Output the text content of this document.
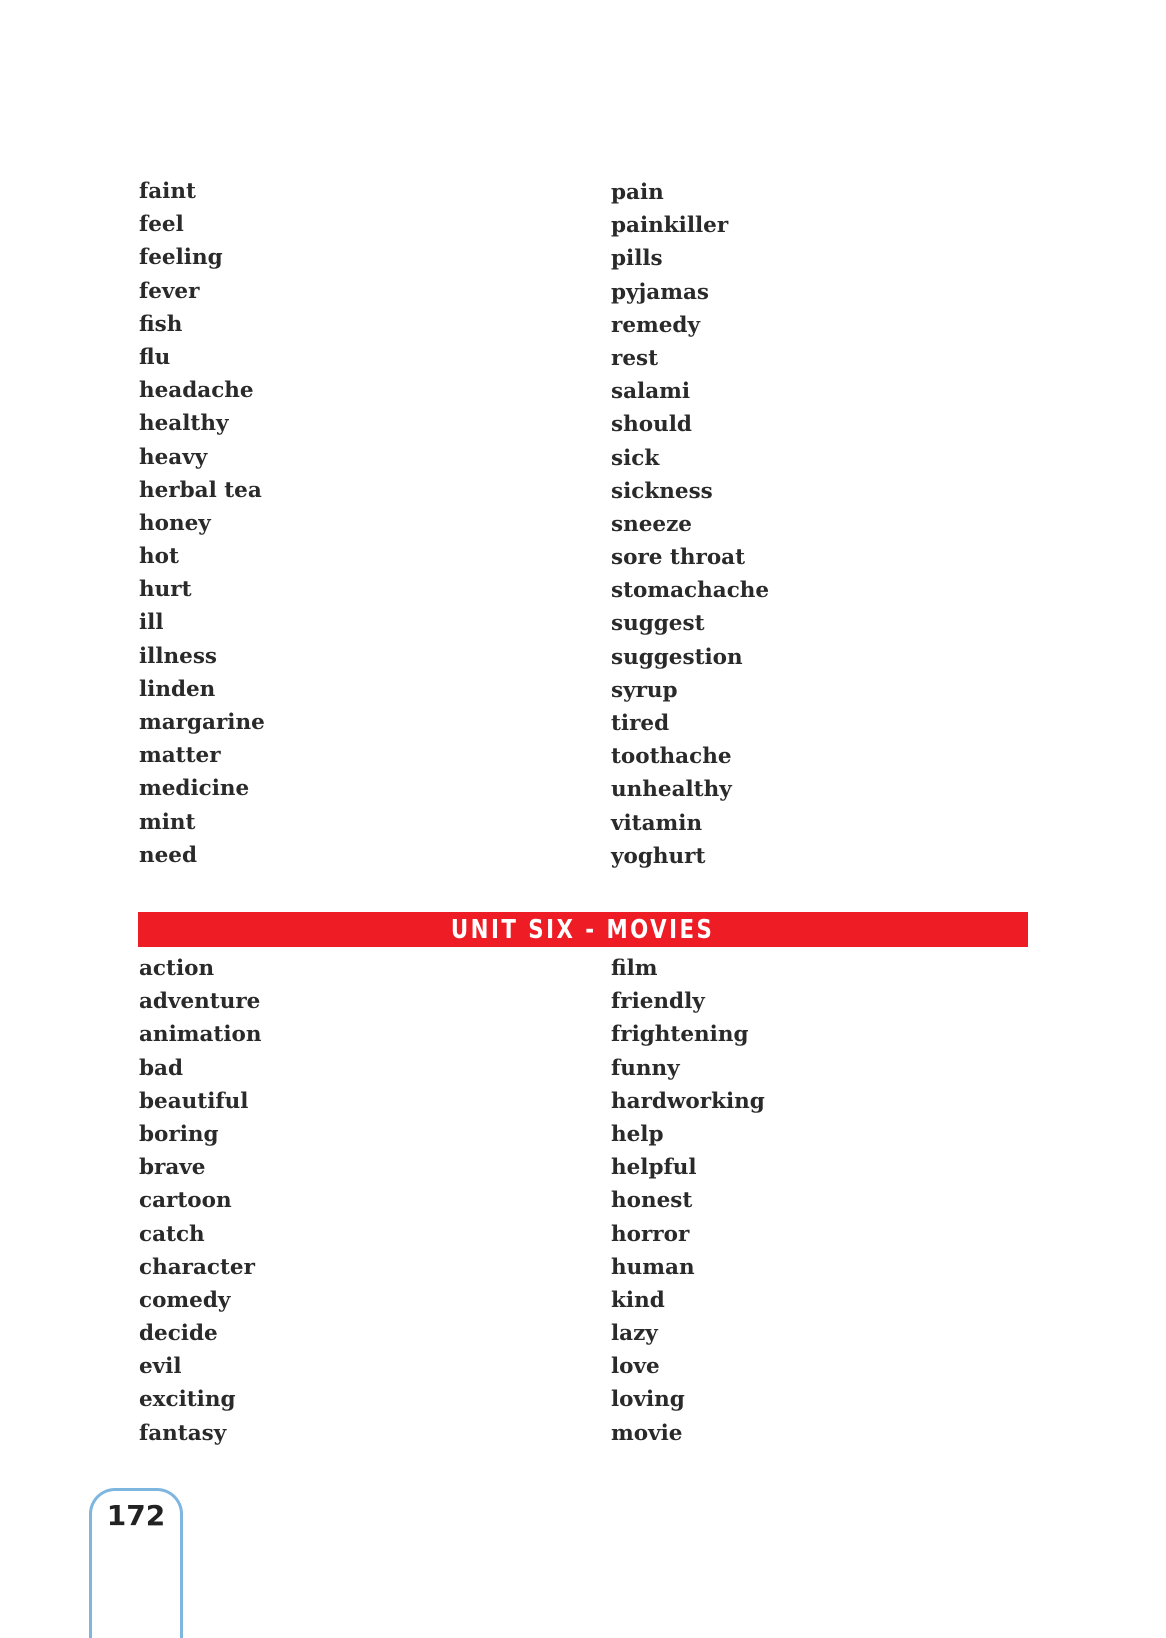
faint
feel
feeling
fever
fish
flu
headache
healthy
heavy
herbal tea
honey
hot
hurt
ill
illness
linden
margarine
matter
medicine
mint
need
pain
painkiller
pills
pyjamas
remedy
rest
salami
should
sick
sickness
sneeze
sore throat
stomachache
suggest
suggestion
syrup
tired
toothache
unhealthy
vitamin
yoghurt
UNIT SIX - MOVIES
action
adventure
animation
bad
beautiful
boring
brave
cartoon
catch
character
comedy
decide
evil
exciting
fantasy
film
friendly
frightening
funny
hardworking
help
helpful
honest
horror
human
kind
lazy
love
loving
movie
172
